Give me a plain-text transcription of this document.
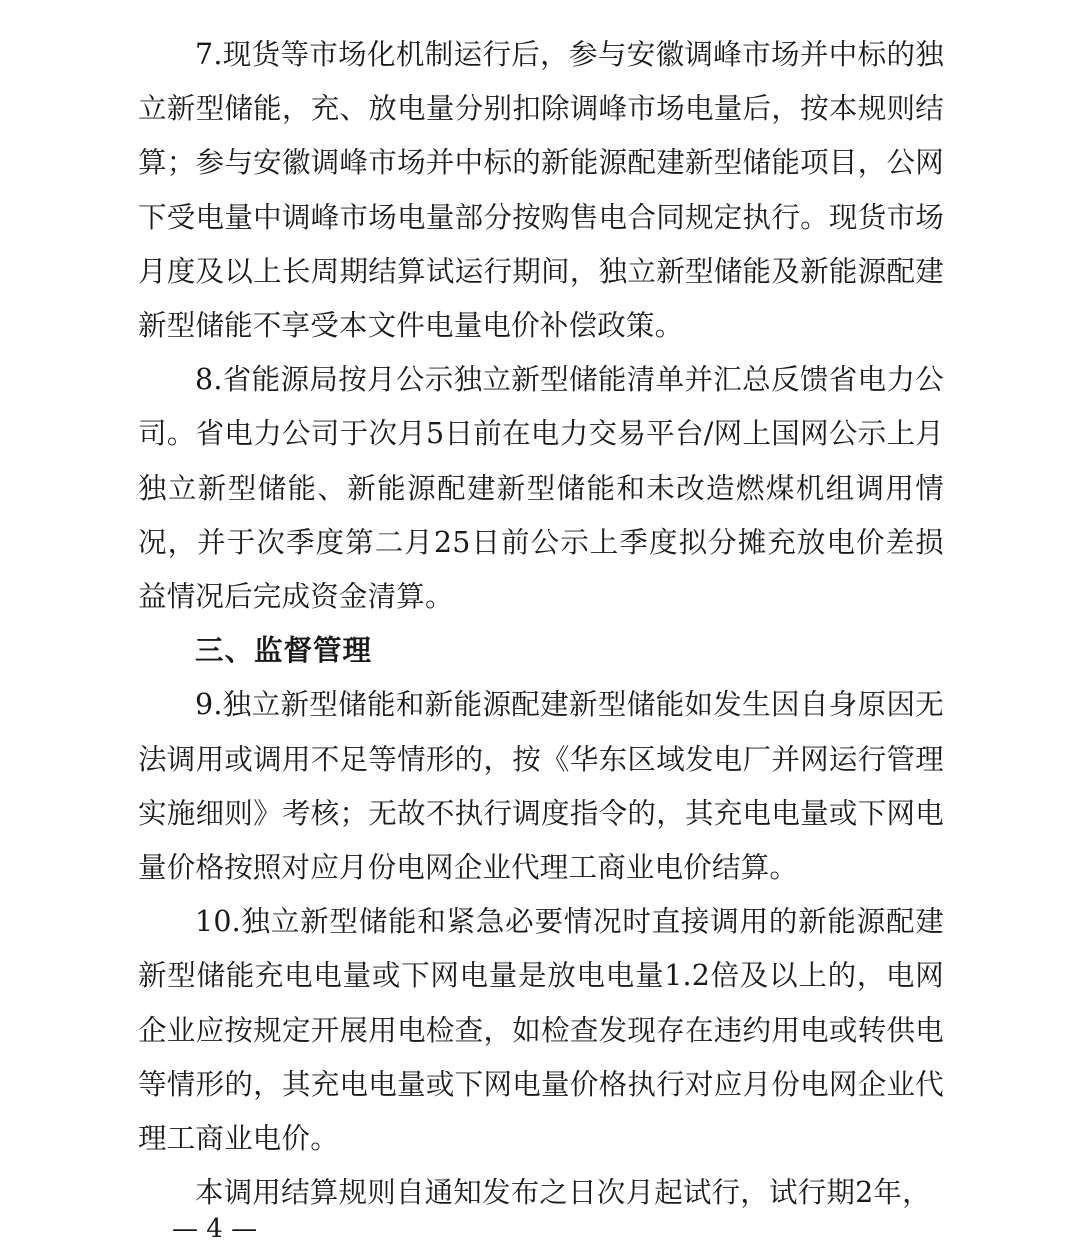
7.现货等市场化机制运行后，参与安徽调峰市场并中标的独立新型储能，充、放电量分别扣除调峰市场电量后，按本规则结算；参与安徽调峰市场并中标的新能源配建新型储能项目，公网下受电量中调峰市场电量部分按购售电合同规定执行。现货市场月度及以上长周期结算试运行期间，独立新型储能及新能源配建新型储能不享受本文件电量电价补偿政策。

8.省能源局按月公示独立新型储能清单并汇总反馈省电力公司。省电力公司于次月5日前在电力交易平台/网上国网公示上月独立新型储能、新能源配建新型储能和未改造燃煤机组调用情况，并于次季度第二月25日前公示上季度拟分摊充放电价差损益情况后完成资金清算。

三、监督管理

9.独立新型储能和新能源配建新型储能如发生因自身原因无法调用或调用不足等情形的，按《华东区域发电厂并网运行管理实施细则》考核；无故不执行调度指令的，其充电电量或下网电量价格按照对应月份电网企业代理工商业电价结算。

10.独立新型储能和紧急必要情况时直接调用的新能源配建新型储能充电电量或下网电量是放电电量1.2倍及以上的，电网企业应按规定开展用电检查，如检查发现存在违约用电或转供电等情形的，其充电电量或下网电量价格执行对应月份电网企业代理工商业电价。

本调用结算规则自通知发布之日次月起试行，试行期2年，

— 4 —
